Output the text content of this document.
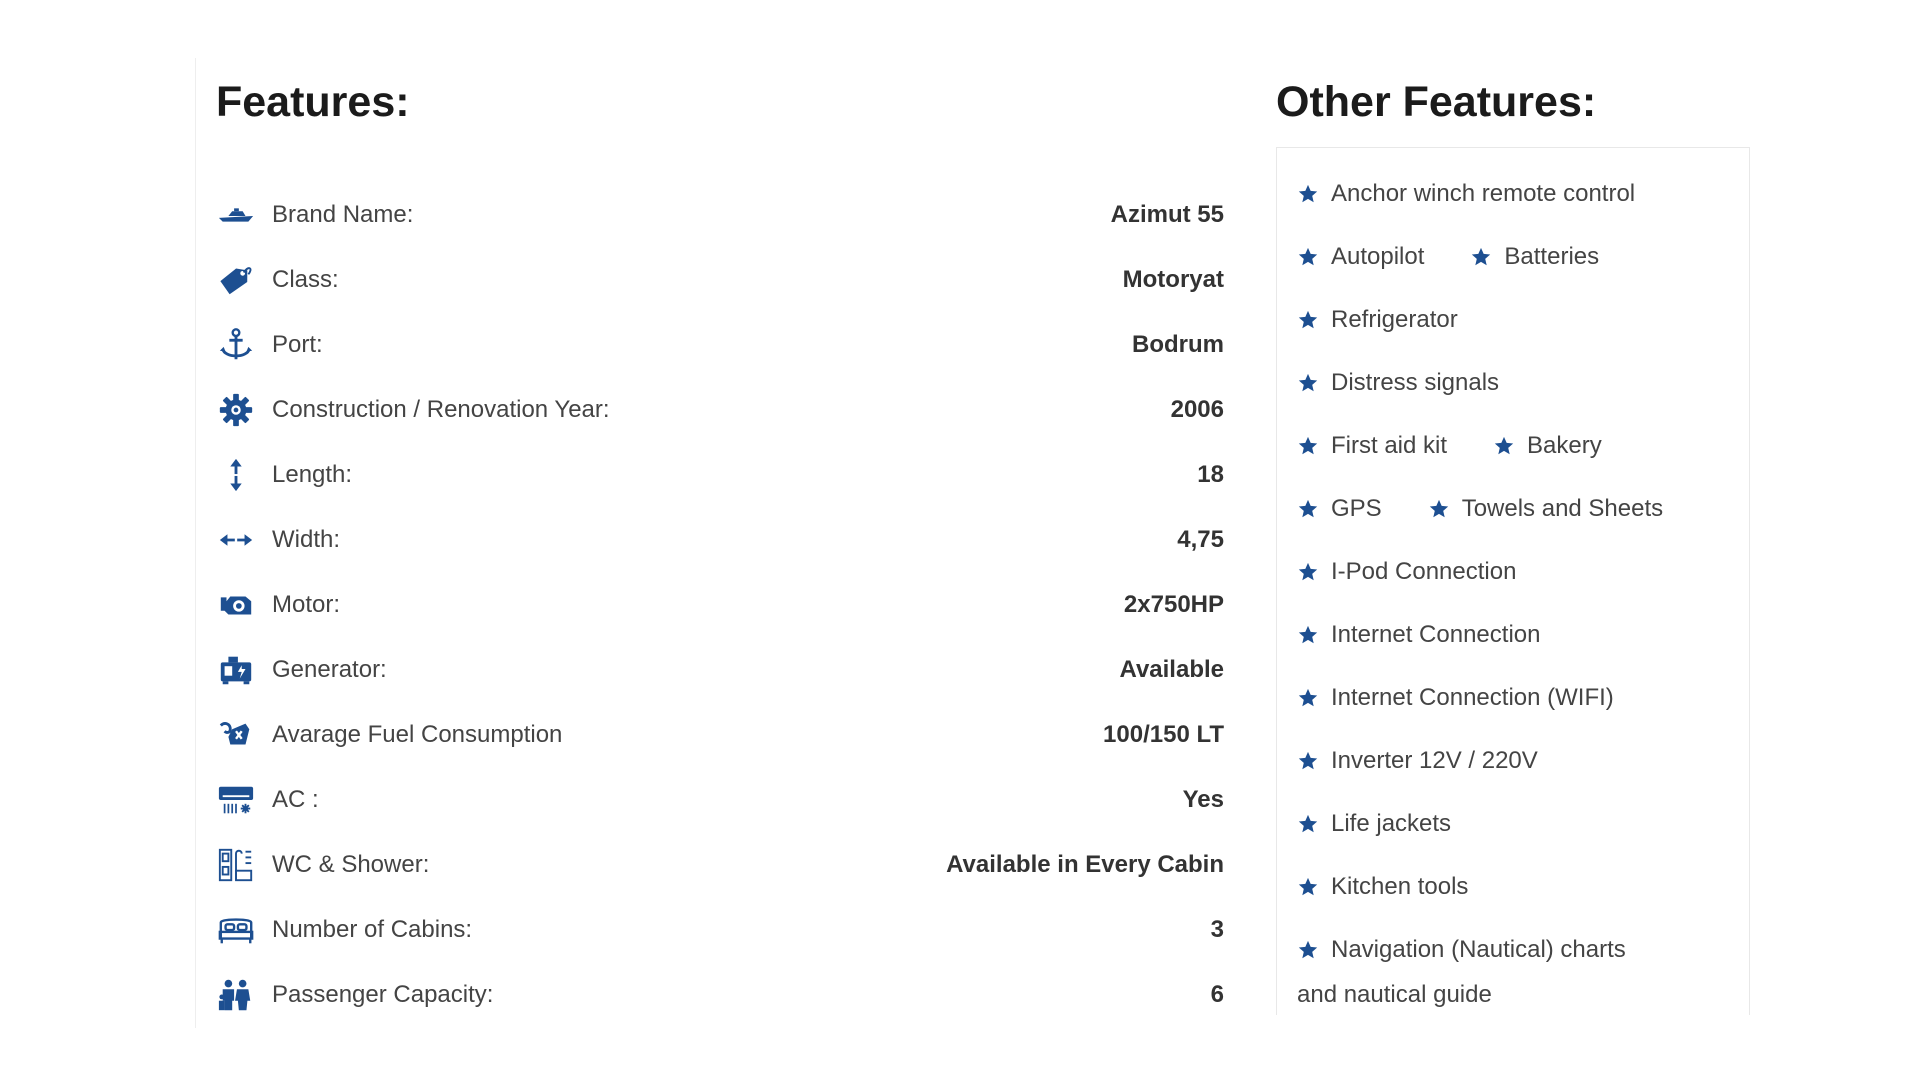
Features:
Brand Name:	Azimut 55
Class:	Motoryat
Port:	Bodrum
Construction / Renovation Year:	2006
Length:	18
Width:	4,75
Motor:	2x750HP
Generator:	Available
Avarage Fuel Consumption	100/150 LT
AC :	Yes
WC & Shower:	Available in Every Cabin
Number of Cabins:	3
Passenger Capacity:	6
Other Features:
Anchor winch remote control
Autopilot	Batteries
Refrigerator
Distress signals
First aid kit	Bakery
GPS	Towels and Sheets
I-Pod Connection
Internet Connection
Internet Connection (WIFI)
Inverter 12V / 220V
Life jackets
Kitchen tools
Navigation (Nautical) charts
and nautical guide
